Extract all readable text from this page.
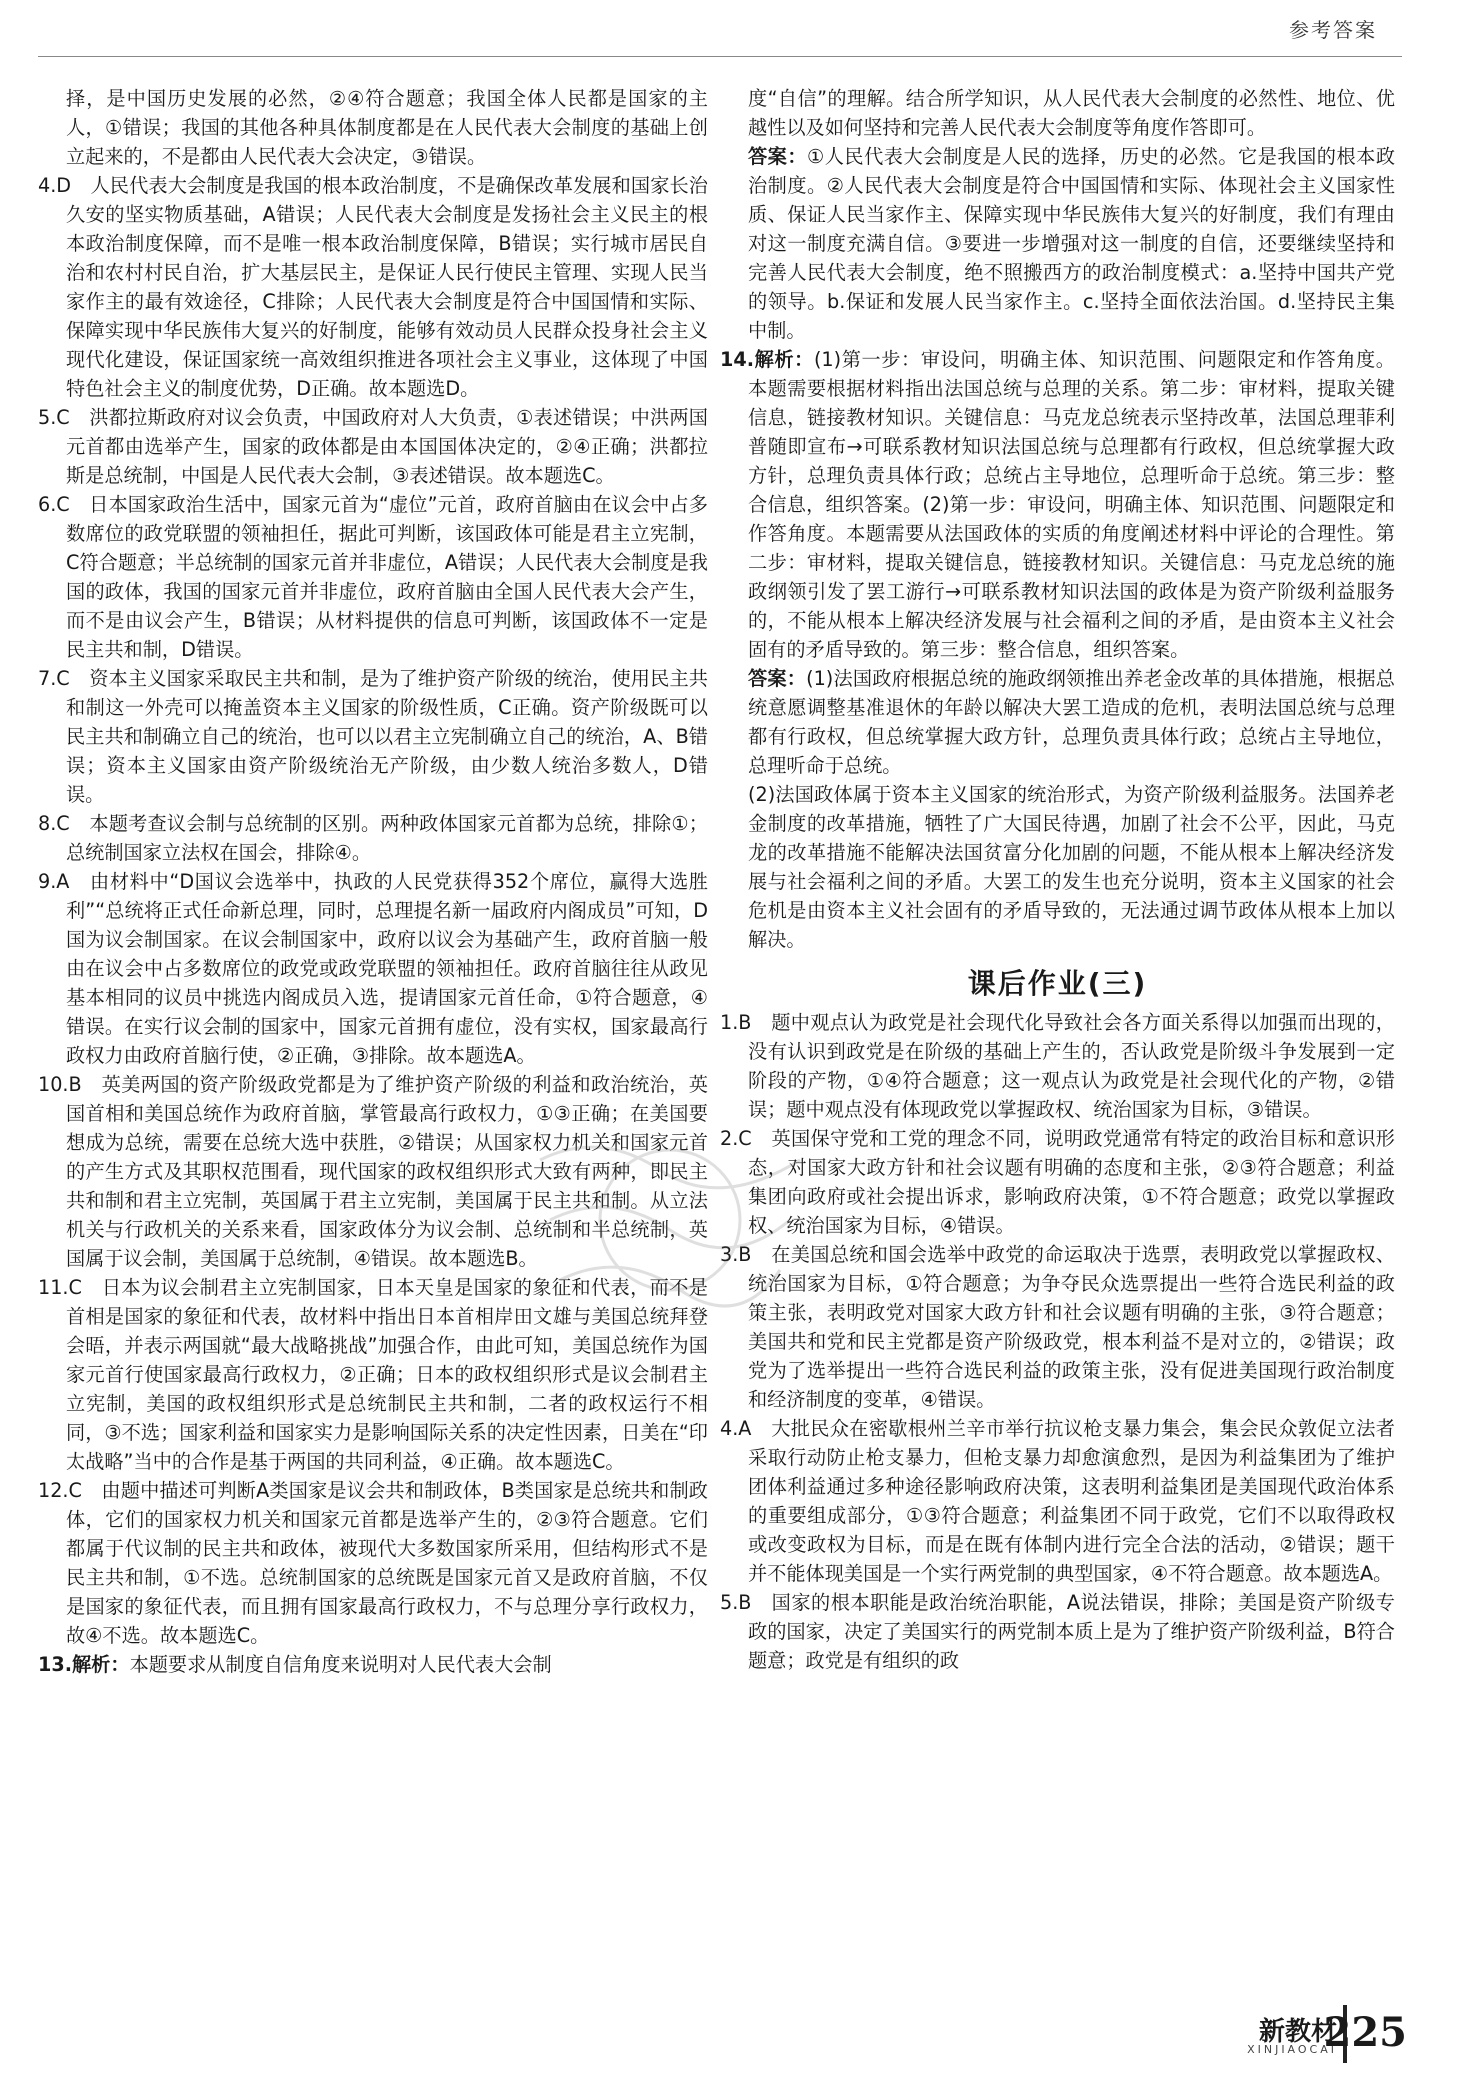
参考答案

择，是中国历史发展的必然，②④符合题意；我国全体人民都是国家的主人，①错误；我国的其他各种具体制度都是在人民代表大会制度的基础上创立起来的，不是都由人民代表大会决定，③错误。

4.D　人民代表大会制度是我国的根本政治制度，不是确保改革发展和国家长治久安的坚实物质基础，A错误；人民代表大会制度是发扬社会主义民主的根本政治制度保障，而不是唯一根本政治制度保障，B错误；实行城市居民自治和农村村民自治，扩大基层民主，是保证人民行使民主管理、实现人民当家作主的最有效途径，C排除；人民代表大会制度是符合中国国情和实际、保障实现中华民族伟大复兴的好制度，能够有效动员人民群众投身社会主义现代化建设，保证国家统一高效组织推进各项社会主义事业，这体现了中国特色社会主义的制度优势，D正确。故本题选D。

5.C　洪都拉斯政府对议会负责，中国政府对人大负责，①表述错误；中洪两国元首都由选举产生，国家的政体都是由本国国体决定的，②④正确；洪都拉斯是总统制，中国是人民代表大会制，③表述错误。故本题选C。

6.C　日本国家政治生活中，国家元首为“虚位”元首，政府首脑由在议会中占多数席位的政党联盟的领袖担任，据此可判断，该国政体可能是君主立宪制，C符合题意；半总统制的国家元首并非虚位，A错误；人民代表大会制度是我国的政体，我国的国家元首并非虚位，政府首脑由全国人民代表大会产生，而不是由议会产生，B错误；从材料提供的信息可判断，该国政体不一定是民主共和制，D错误。

7.C　资本主义国家采取民主共和制，是为了维护资产阶级的统治，使用民主共和制这一外壳可以掩盖资本主义国家的阶级性质，C正确。资产阶级既可以民主共和制确立自己的统治，也可以以君主立宪制确立自己的统治，A、B错误；资本主义国家由资产阶级统治无产阶级，由少数人统治多数人，D错误。

8.C　本题考查议会制与总统制的区别。两种政体国家元首都为总统，排除①；总统制国家立法权在国会，排除④。

9.A　由材料中“D国议会选举中，执政的人民党获得352个席位，赢得大选胜利”“总统将正式任命新总理，同时，总理提名新一届政府内阁成员”可知，D国为议会制国家。在议会制国家中，政府以议会为基础产生，政府首脑一般由在议会中占多数席位的政党或政党联盟的领袖担任。政府首脑往往从政见基本相同的议员中挑选内阁成员入选，提请国家元首任命，①符合题意，④错误。在实行议会制的国家中，国家元首拥有虚位，没有实权，国家最高行政权力由政府首脑行使，②正确，③排除。故本题选A。

10.B　英美两国的资产阶级政党都是为了维护资产阶级的利益和政治统治，英国首相和美国总统作为政府首脑，掌管最高行政权力，①③正确；在美国要想成为总统，需要在总统大选中获胜，②错误；从国家权力机关和国家元首的产生方式及其职权范围看，现代国家的政权组织形式大致有两种，即民主共和制和君主立宪制，英国属于君主立宪制，美国属于民主共和制。从立法机关与行政机关的关系来看，国家政体分为议会制、总统制和半总统制，英国属于议会制，美国属于总统制，④错误。故本题选B。

11.C　日本为议会制君主立宪制国家，日本天皇是国家的象征和代表，而不是首相是国家的象征和代表，故材料中指出日本首相岸田文雄与美国总统拜登会晤，并表示两国就“最大战略挑战”加强合作，由此可知，美国总统作为国家元首行使国家最高行政权力，②正确；日本的政权组织形式是议会制君主立宪制，美国的政权组织形式是总统制民主共和制，二者的政权运行不相同，③不选；国家利益和国家实力是影响国际关系的决定性因素，日美在“印太战略”当中的合作是基于两国的共同利益，④正确。故本题选C。

12.C　由题中描述可判断A类国家是议会共和制政体，B类国家是总统共和制政体，它们的国家权力机关和国家元首都是选举产生的，②③符合题意。它们都属于代议制的民主共和政体，被现代大多数国家所采用，但结构形式不是民主共和制，①不选。总统制国家的总统既是国家元首又是政府首脑，不仅是国家的象征代表，而且拥有国家最高行政权力，不与总理分享行政权力，故④不选。故本题选C。

13.解析：本题要求从制度自信角度来说明对人民代表大会制

度“自信”的理解。结合所学知识，从人民代表大会制度的必然性、地位、优越性以及如何坚持和完善人民代表大会制度等角度作答即可。

答案：①人民代表大会制度是人民的选择，历史的必然。它是我国的根本政治制度。②人民代表大会制度是符合中国国情和实际、体现社会主义国家性质、保证人民当家作主、保障实现中华民族伟大复兴的好制度，我们有理由对这一制度充满自信。③要进一步增强对这一制度的自信，还要继续坚持和完善人民代表大会制度，绝不照搬西方的政治制度模式：a.坚持中国共产党的领导。b.保证和发展人民当家作主。c.坚持全面依法治国。d.坚持民主集中制。

14.解析：(1)第一步：审设问，明确主体、知识范围、问题限定和作答角度。本题需要根据材料指出法国总统与总理的关系。第二步：审材料，提取关键信息，链接教材知识。关键信息：马克龙总统表示坚持改革，法国总理菲利普随即宣布→可联系教材知识法国总统与总理都有行政权，但总统掌握大政方针，总理负责具体行政；总统占主导地位，总理听命于总统。第三步：整合信息，组织答案。(2)第一步：审设问，明确主体、知识范围、问题限定和作答角度。本题需要从法国政体的实质的角度阐述材料中评论的合理性。第二步：审材料，提取关键信息，链接教材知识。关键信息：马克龙总统的施政纲领引发了罢工游行→可联系教材知识法国的政体是为资产阶级利益服务的，不能从根本上解决经济发展与社会福利之间的矛盾，是由资本主义社会固有的矛盾导致的。第三步：整合信息，组织答案。

答案：(1)法国政府根据总统的施政纲领推出养老金改革的具体措施，根据总统意愿调整基准退休的年龄以解决大罢工造成的危机，表明法国总统与总理都有行政权，但总统掌握大政方针，总理负责具体行政；总统占主导地位，总理听命于总统。

(2)法国政体属于资本主义国家的统治形式，为资产阶级利益服务。法国养老金制度的改革措施，牺牲了广大国民待遇，加剧了社会不公平，因此，马克龙的改革措施不能解决法国贫富分化加剧的问题，不能从根本上解决经济发展与社会福利之间的矛盾。大罢工的发生也充分说明，资本主义国家的社会危机是由资本主义社会固有的矛盾导致的，无法通过调节政体从根本上加以解决。

课后作业(三)

1.B　题中观点认为政党是社会现代化导致社会各方面关系得以加强而出现的，没有认识到政党是在阶级的基础上产生的，否认政党是阶级斗争发展到一定阶段的产物，①④符合题意；这一观点认为政党是社会现代化的产物，②错误；题中观点没有体现政党以掌握政权、统治国家为目标，③错误。

2.C　英国保守党和工党的理念不同，说明政党通常有特定的政治目标和意识形态，对国家大政方针和社会议题有明确的态度和主张，②③符合题意；利益集团向政府或社会提出诉求，影响政府决策，①不符合题意；政党以掌握政权、统治国家为目标，④错误。

3.B　在美国总统和国会选举中政党的命运取决于选票，表明政党以掌握政权、统治国家为目标，①符合题意；为争夺民众选票提出一些符合选民利益的政策主张，表明政党对国家大政方针和社会议题有明确的主张，③符合题意；美国共和党和民主党都是资产阶级政党，根本利益不是对立的，②错误；政党为了选举提出一些符合选民利益的政策主张，没有促进美国现行政治制度和经济制度的变革，④错误。

4.A　大批民众在密歇根州兰辛市举行抗议枪支暴力集会，集会民众敦促立法者采取行动防止枪支暴力，但枪支暴力却愈演愈烈，是因为利益集团为了维护团体利益通过多种途径影响政府决策，这表明利益集团是美国现代政治体系的重要组成部分，①③符合题意；利益集团不同于政党，它们不以取得政权或改变政权为目标，而是在既有体制内进行完全合法的活动，②错误；题干并不能体现美国是一个实行两党制的典型国家，④不符合题意。故本题选A。

5.B　国家的根本职能是政治统治职能，A说法错误，排除；美国是资产阶级专政的国家，决定了美国实行的两党制本质上是为了维护资产阶级利益，B符合题意；政党是有组织的政

新教材
XINJIAOCAI
225
